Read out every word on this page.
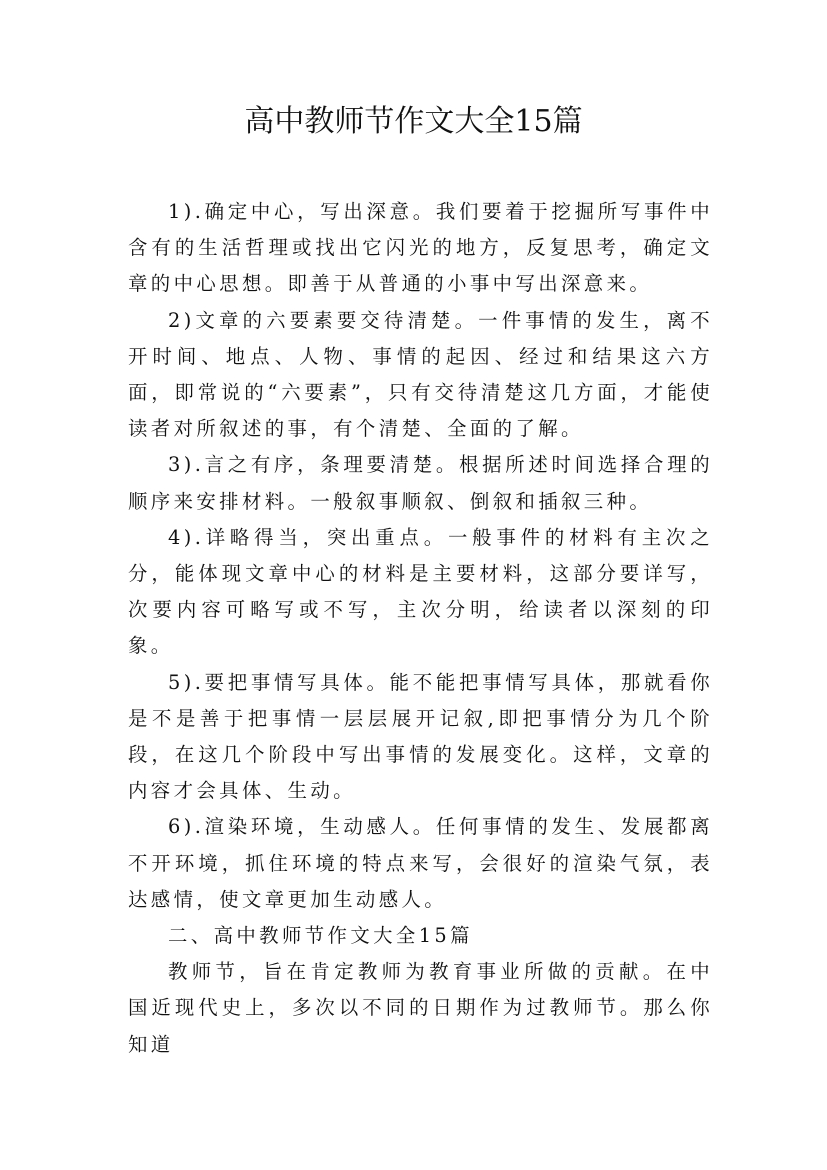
高中教师节作文大全15篇

1).确定中心，写出深意。我们要着于挖掘所写事件中含有的生活哲理或找出它闪光的地方，反复思考，确定文章的中心思想。即善于从普通的小事中写出深意来。

2)文章的六要素要交待清楚。一件事情的发生，离不开时间、地点、人物、事情的起因、经过和结果这六方面，即常说的“六要素”，只有交待清楚这几方面，才能使读者对所叙述的事，有个清楚、全面的了解。

3).言之有序，条理要清楚。根据所述时间选择合理的顺序来安排材料。一般叙事顺叙、倒叙和插叙三种。

4).详略得当，突出重点。一般事件的材料有主次之分，能体现文章中心的材料是主要材料，这部分要详写，次要内容可略写或不写，主次分明，给读者以深刻的印象。

5).要把事情写具体。能不能把事情写具体，那就看你是不是善于把事情一层层展开记叙,即把事情分为几个阶段，在这几个阶段中写出事情的发展变化。这样，文章的内容才会具体、生动。

6).渲染环境，生动感人。任何事情的发生、发展都离不开环境，抓住环境的特点来写，会很好的渲染气氛，表达感情，使文章更加生动感人。

二、高中教师节作文大全15篇

教师节，旨在肯定教师为教育事业所做的贡献。在中国近现代史上，多次以不同的日期作为过教师节。那么你知道
